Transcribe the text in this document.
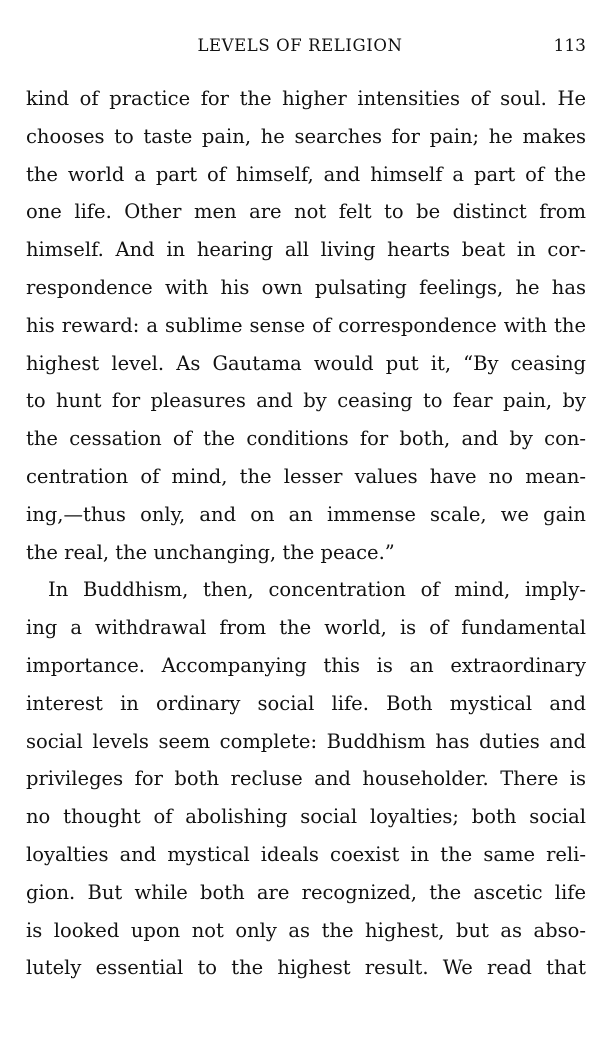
LEVELS OF RELIGION	113
kind of practice for the higher intensities of soul. He
chooses to taste pain, he searches for pain; he makes
the world a part of himself, and himself a part of the
one life. Other men are not felt to be distinct from
himself. And in hearing all living hearts beat in cor-
respondence with his own pulsating feelings, he has
his reward: a sublime sense of correspondence with the
highest level. As Gautama would put it, “By ceasing
to hunt for pleasures and by ceasing to fear pain, by
the cessation of the conditions for both, and by con-
centration of mind, the lesser values have no mean-
ing,—thus only, and on an immense scale, we gain
the real, the unchanging, the peace.”
In Buddhism, then, concentration of mind, imply-
ing a withdrawal from the world, is of fundamental
importance. Accompanying this is an extraordinary
interest in ordinary social life. Both mystical and
social levels seem complete: Buddhism has duties and
privileges for both recluse and householder. There is
no thought of abolishing social loyalties; both social
loyalties and mystical ideals coexist in the same reli-
gion. But while both are recognized, the ascetic life
is looked upon not only as the highest, but as abso-
lutely essential to the highest result. We read that
